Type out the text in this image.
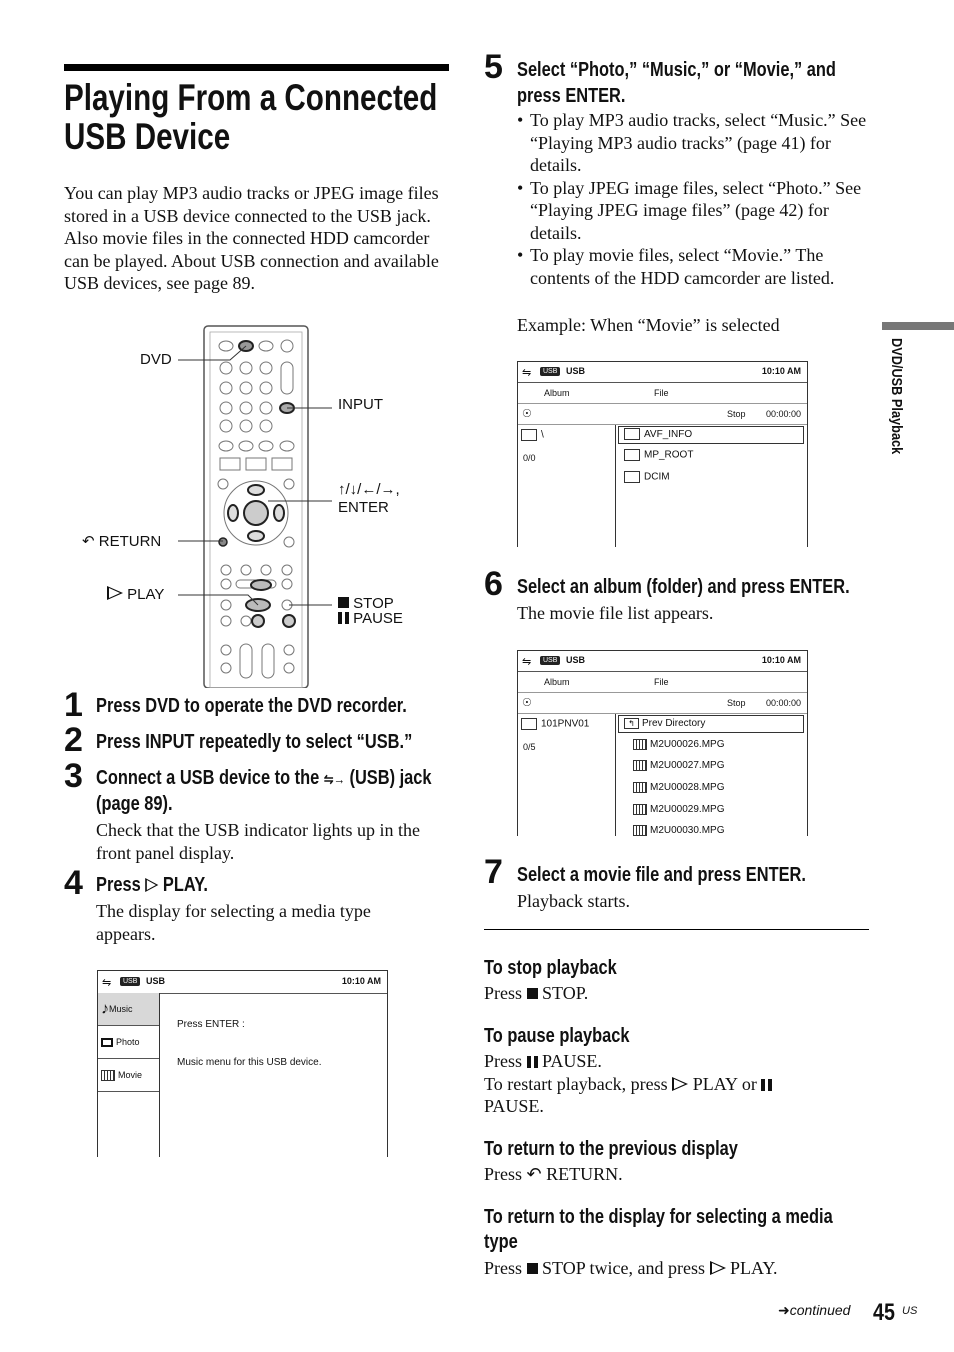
Playing From a Connected
USB Device
You can play MP3 audio tracks or JPEG image files stored in a USB device connected to the USB jack. Also movie files in the connected HDD camcorder can be played. About USB connection and available USB devices, see page 89.
DVD
INPUT
↑/↓/←/→,
ENTER
↶ RETURN
PLAY
STOP
PAUSE
1 Press DVD to operate the DVD recorder.
2 Press INPUT repeatedly to select “USB.”
3 Connect a USB device to the ⇋→ (USB) jack
(page 89).
Check that the USB indicator lights up in the front panel display.
4 Press PLAY.
The display for selecting a media type appears.
⇋	USB USB	10:10 AM
♪Music
Photo
Movie
Press ENTER :
Music menu for this USB device.
5 Select “Photo,” “Music,” or “Movie,” and press ENTER.
• To play MP3 audio tracks, select “Music.” See “Playing MP3 audio tracks” (page 41) for details.
• To play JPEG image files, select “Photo.” See “Playing JPEG image files” (page 42) for details.
• To play movie files, select “Movie.” The contents of the HDD camcorder are listed.
Example: When “Movie” is selected
⇋	USB USB	10:10 AM
Album	File
☉	Stop 00:00:00
\
0/0
AVF_INFO
MP_ROOT
DCIM
6 Select an album (folder) and press ENTER.
The movie file list appears.
⇋	USB USB	10:10 AM
Album	File
☉	Stop 00:00:00
101PNV01
0/5
↰ Prev Directory
M2U00026.MPG
M2U00027.MPG
M2U00028.MPG
M2U00029.MPG
M2U00030.MPG
7 Select a movie file and press ENTER.
Playback starts.
To stop playback
Press STOP.
To pause playback
Press PAUSE.
To restart playback, press PLAY or
PAUSE.
To return to the previous display
Press ↶ RETURN.
To return to the display for selecting a media
type
Press STOP twice, and press PLAY.
DVD/USB Playback
➜continued 45 US
